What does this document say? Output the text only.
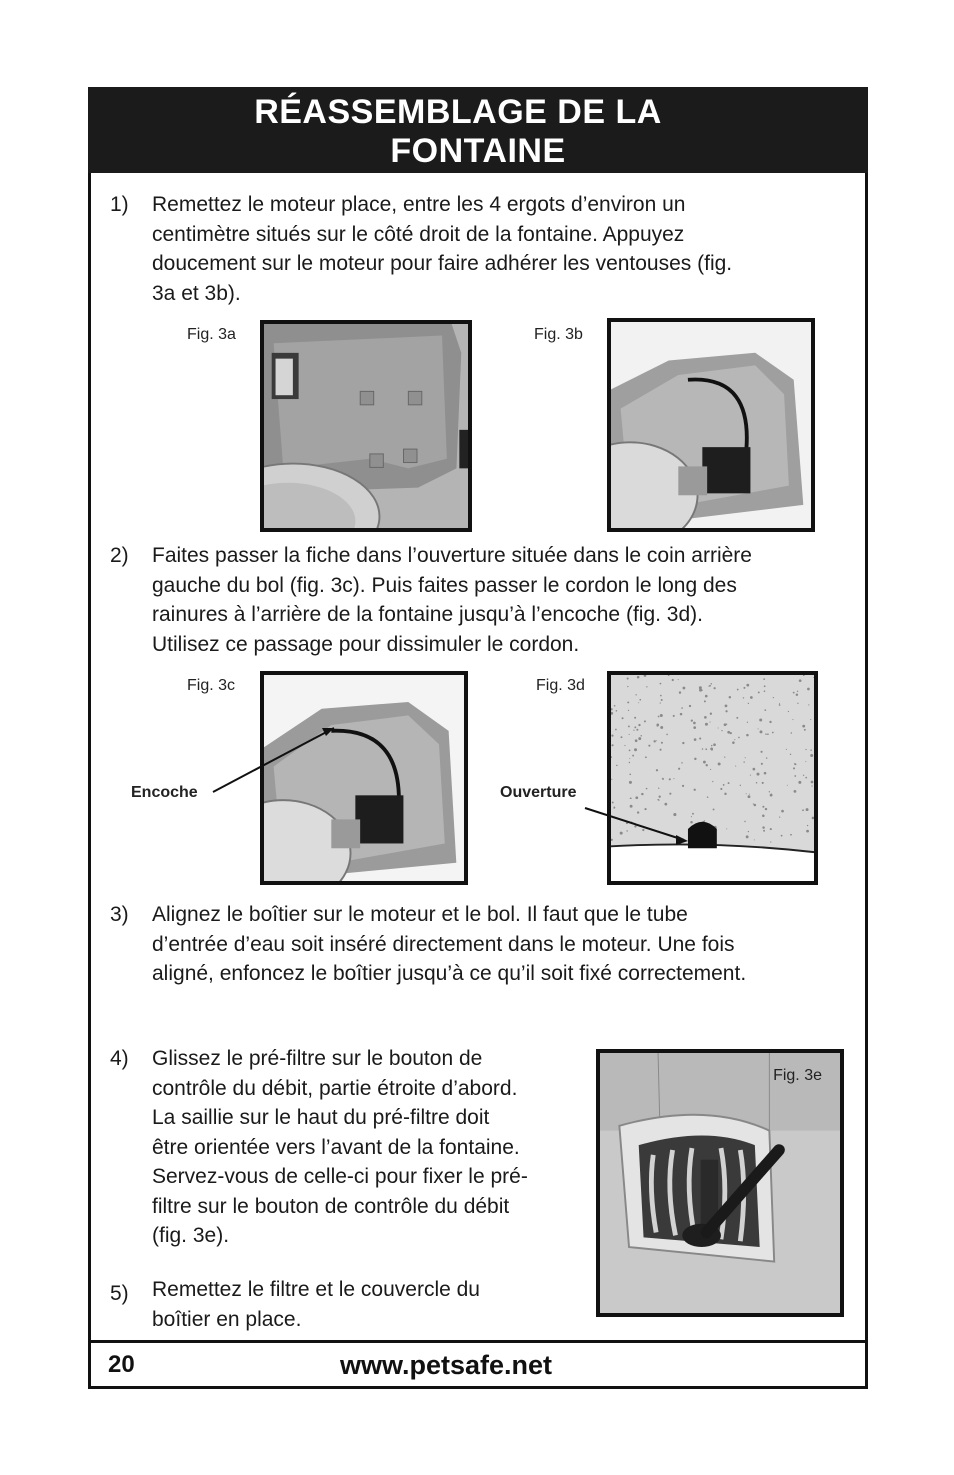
RÉASSEMBLAGE DE LA
FONTAINE
1) Remettez le moteur place, entre les 4 ergots d’environ un
centimètre situés sur le côté droit de la fontaine. Appuyez
doucement sur le moteur pour faire adhérer les ventouses (fig.
3a et 3b).
Fig. 3a	Fig. 3b
2) Faites passer la fiche dans l’ouverture située dans le coin arrière
gauche du bol (fig. 3c). Puis faites passer le cordon le long des
rainures à l’arrière de la fontaine jusqu’à l’encoche (fig. 3d).
Utilisez ce passage pour dissimuler le cordon.
Fig. 3c
Encoche
Fig. 3d
Ouverture
3) Alignez le boîtier sur le moteur et le bol. Il faut que le tube
d’entrée d’eau soit inséré directement dans le moteur. Une fois
aligné, enfoncez le boîtier jusqu’à ce qu’il soit fixé correctement.
4) Glissez le pré-filtre sur le bouton de
contrôle du débit, partie étroite d’abord.
La saillie sur le haut du pré-filtre doit
être orientée vers l’avant de la fontaine.
Servez-vous de celle-ci pour fixer le pré-
filtre sur le bouton de contrôle du débit
(fig. 3e).
5) Remettez le filtre et le couvercle du
boîtier en place.
Fig. 3e
20	www.petsafe.net
